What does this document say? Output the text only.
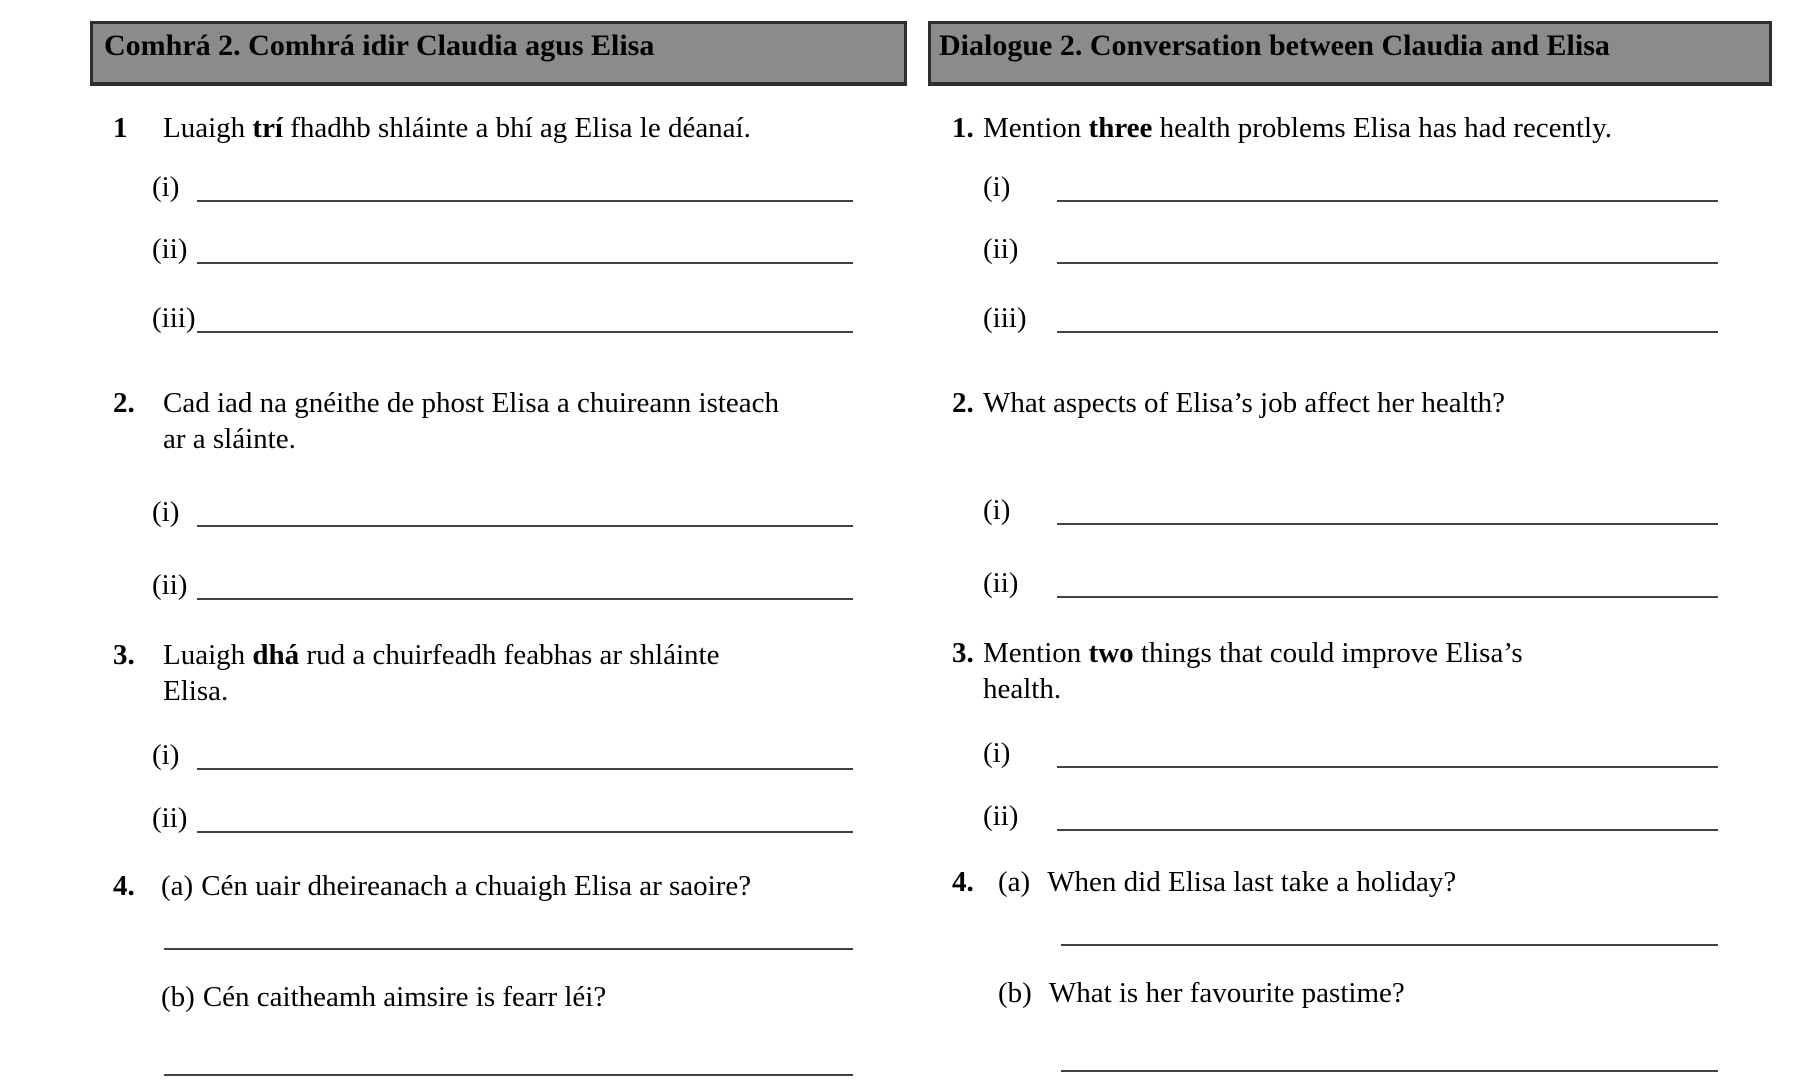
Comhrá 2. Comhrá idir Claudia agus Elisa
1	Luaigh trí fhadhb shláinte a bhí ag Elisa le déanaí.
(i)
(ii)
(iii)
2. Cad iad na gnéithe de phost Elisa a chuireann isteach
ar a sláinte.
(i)
(ii)
3. Luaigh dhá rud a chuirfeadh feabhas ar shláinte
Elisa.
(i)
(ii)
4. (a) Cén uair dheireanach a chuaigh Elisa ar saoire?
(b) Cén caitheamh aimsire is fearr léi?
Dialogue 2. Conversation between Claudia and Elisa
1. Mention three health problems Elisa has had recently.
(i)
(ii)
(iii)
2. What aspects of Elisa’s job affect her health?
(i)
(ii)
3. Mention two things that could improve Elisa’s
health.
(i)
(ii)
4. (a) When did Elisa last take a holiday?
(b) What is her favourite pastime?
